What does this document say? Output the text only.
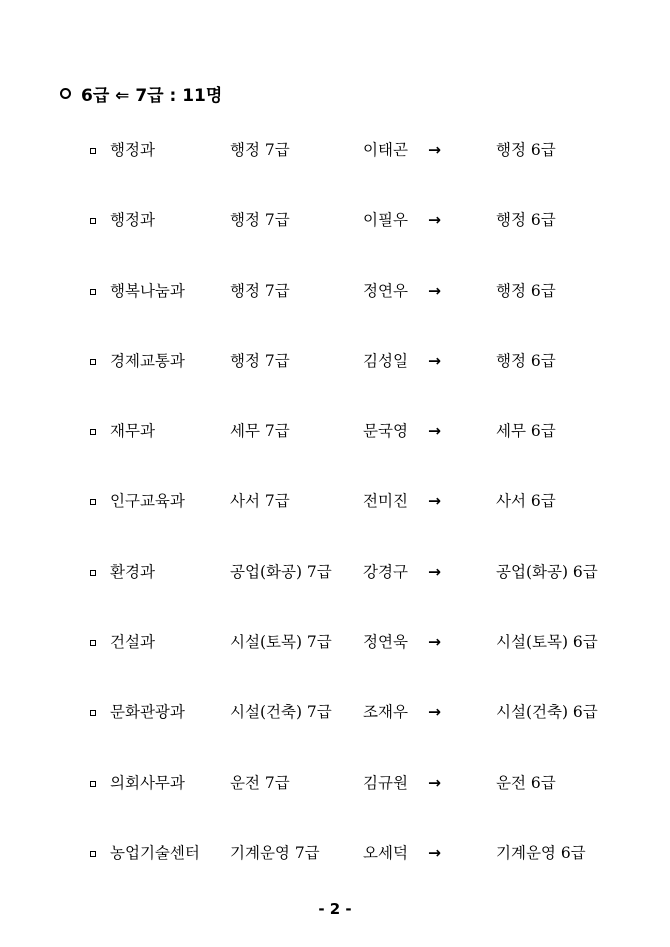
6급 ⇐ 7급 : 11명
행정과	행정 7급	이태곤 →	행정 6급
행정과	행정 7급	이필우 →	행정 6급
행복나눔과	행정 7급	정연우 →	행정 6급
경제교통과	행정 7급	김성일 →	행정 6급
재무과	세무 7급	문국영 →	세무 6급
인구교육과	사서 7급	전미진 →	사서 6급
환경과	공업(화공) 7급 강경구 →	공업(화공) 6급
건설과	시설(토목) 7급 정연욱 →	시설(토목) 6급
문화관광과	시설(건축) 7급 조재우 →	시설(건축) 6급
의회사무과	운전 7급	김규원 →	운전 6급
농업기술센터 기계운영 7급	오세덕 →	기계운영 6급
- 2 -
